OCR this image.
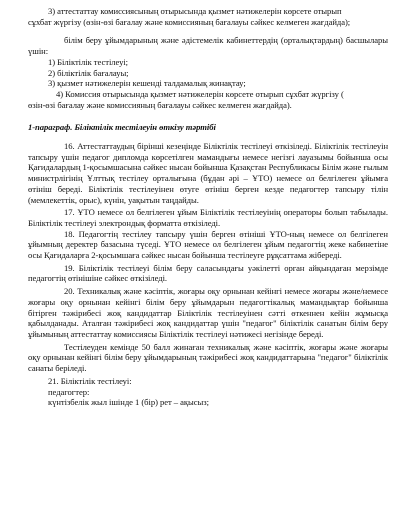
3) аттестаттау комиссиясының отырысында қызмет нәтижелерін көрсете отырып

сұхбат жүргізу (өзін-өзі бағалау және комиссияның бағалауы сәйкес келмеген жағдайда);

білім беру ұйымдарының және әдістемелік кабинеттердің (орталықтардың) басшылары үшін:

1) Біліктілік тестілеуі;

2) біліктілік бағалауы;

3) қызмет нәтижелерін кешенді талдамалық жинақтау;

4) Комиссия отырысында қызмет нәтижелерін көрсете отырып сұхбат жүргізу (

өзін-өзі бағалау және комиссияның бағалауы сәйкес келмеген жағдайда).

1-параграф. Біліктілік тестілеуін өткізу тәртібі

16. Аттестаттаудың бірінші кезеңінде Біліктілік тестілеуі өткізіледі. Біліктілік тестілеуін тапсыру үшін педагог дипломда көрсетілген мамандығы немесе негізгі лауазымы бойынша осы Қағидалардың 1-қосымшасына сәйкес нысан бойынша Қазақстан Республикасы Білім және ғылым министрлігінің Ұлттық тестілеу орталығына (бұдан әрі – ҰТО) немесе ол белгілеген ұйымға өтініш береді. Біліктілік тестілеуінен өтуге өтініш берген кезде педагогтер тапсыру тілін (мемлекеттік, орыс), күнін, уақытын таңдайды.

17. ҰТО немесе ол белгілеген ұйым Біліктілік тестілеуінің операторы болып табылады. Біліктілік тестілеуі электрондық форматта өткізіледі.

18. Педагогтің тестілеу тапсыру үшін берген өтініші ҰТО-ның немесе ол белгілеген ұйымның деректер базасына түседі. ҰТО немесе ол белгілеген ұйым педагогтің жеке кабинетіне осы Қағидаларға 2-қосымшаға сәйкес нысан бойынша тестілеуге рұқсаттама жібереді.

19. Біліктілік тестілеуі білім беру саласындағы уәкілетті орган айқындаған мерзімде педагогтің өтінішіне сәйкес өткізіледі.

20. Техникалық және кәсіптік, жоғары оқу орнынан кейінгі немесе жоғары және/немесе жоғары оқу орнынан кейінгі білім беру ұйымдарын педагогтікалық мамандықтар бойынша бітірген тәжірибесі жоқ кандидаттар Біліктілік тестілеуінен сәтті өткеннен кейін жұмысқа қабылданады. Аталған тәжірибесі жоқ кандидаттар үшін "педагог" біліктілік санатын білім беру ұйымының аттестаттау комиссиясы Біліктілік тестілеуі нәтижесі негізінде береді.

Тестілеуден кемінде 50 балл жинаған техникалық және кәсіптік, жоғары және жоғары оқу орнынан кейінгі білім беру ұйымдарының тәжірибесі жоқ кандидаттарына "педагог" біліктілік санаты беріледі.

21. Біліктілік тестілеуі:

педагогтер:

күнтізбелік жыл ішінде 1 (бір) рет – ақысыз;
